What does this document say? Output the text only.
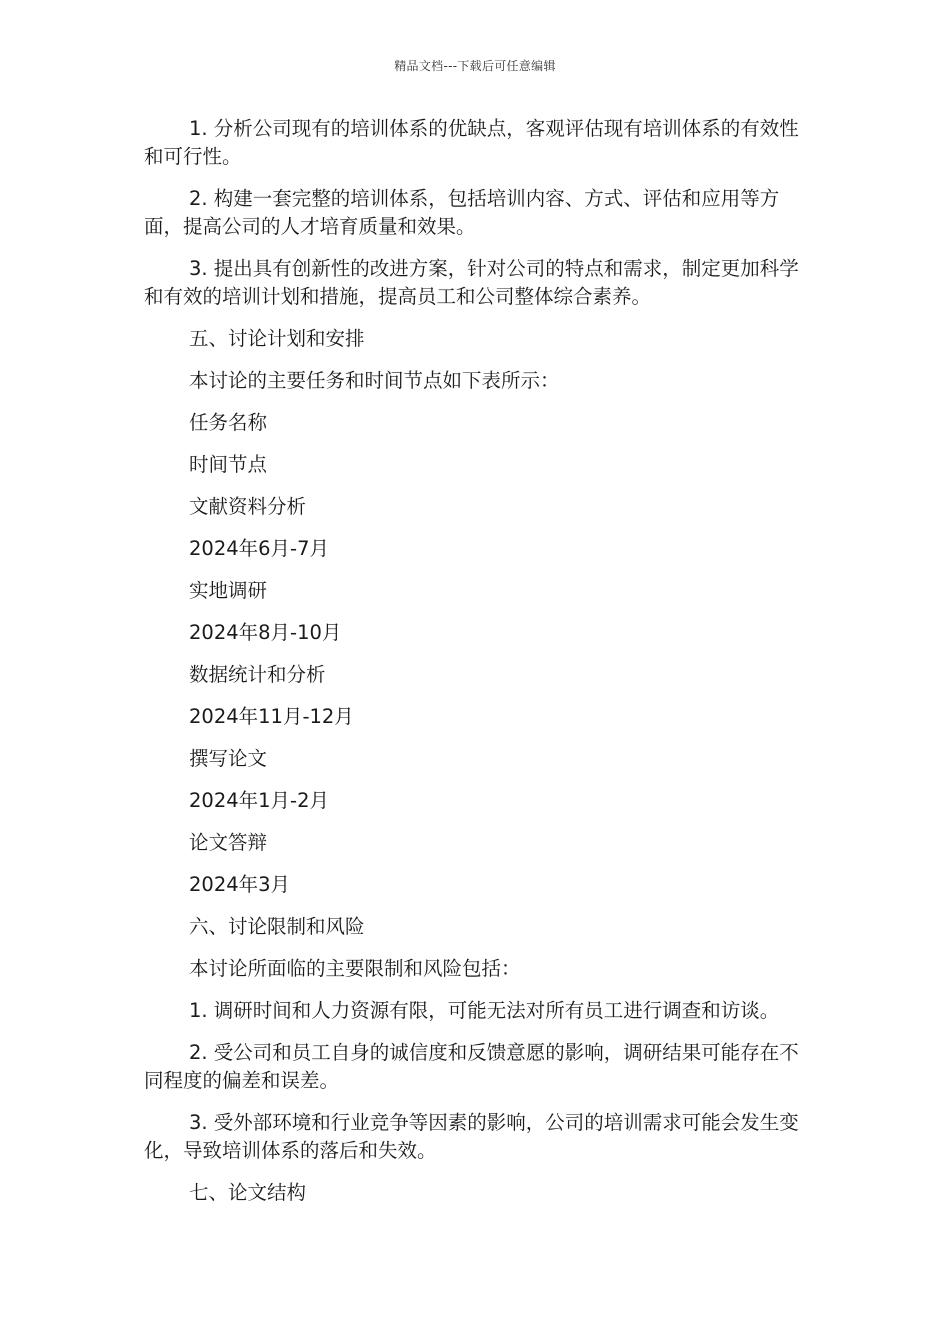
精品文档---下载后可任意编辑

1. 分析公司现有的培训体系的优缺点，客观评估现有培训体系的有效性和可行性。

2. 构建一套完整的培训体系，包括培训内容、方式、评估和应用等方面，提高公司的人才培育质量和效果。

3. 提出具有创新性的改进方案，针对公司的特点和需求，制定更加科学和有效的培训计划和措施，提高员工和公司整体综合素养。

五、讨论计划和安排

本讨论的主要任务和时间节点如下表所示：

任务名称

时间节点

文献资料分析

2024年6月-7月

实地调研

2024年8月-10月

数据统计和分析

2024年11月-12月

撰写论文

2024年1月-2月

论文答辩

2024年3月

六、讨论限制和风险

本讨论所面临的主要限制和风险包括：

1. 调研时间和人力资源有限，可能无法对所有员工进行调查和访谈。

2. 受公司和员工自身的诚信度和反馈意愿的影响，调研结果可能存在不同程度的偏差和误差。

3. 受外部环境和行业竞争等因素的影响，公司的培训需求可能会发生变化，导致培训体系的落后和失效。

七、论文结构
